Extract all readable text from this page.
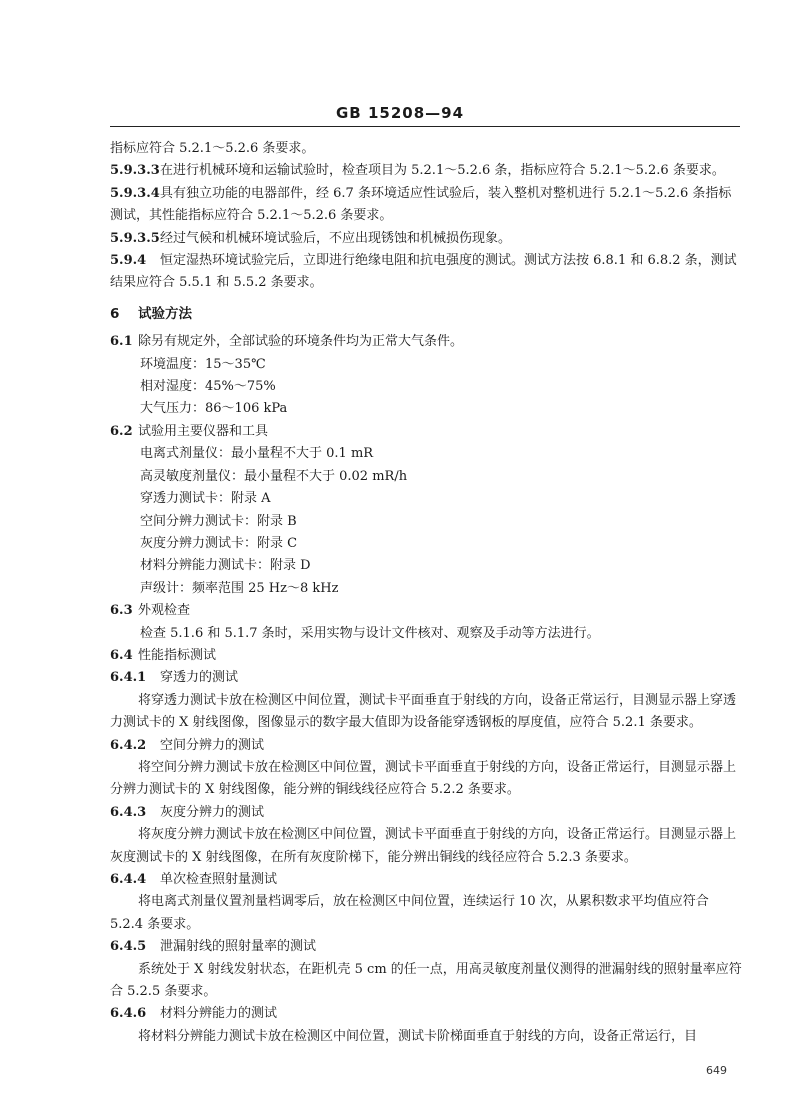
GB 15208—94

指标应符合 5.2.1～5.2.6 条要求。

5.9.3.3在进行机械环境和运输试验时，检查项目为 5.2.1～5.2.6 条，指标应符合 5.2.1～5.2.6 条要求。

5.9.3.4具有独立功能的电器部件，经 6.7 条环境适应性试验后，装入整机对整机进行 5.2.1～5.2.6 条指标测试，其性能指标应符合 5.2.1～5.2.6 条要求。

5.9.3.5经过气候和机械环境试验后，不应出现锈蚀和机械损伤现象。

5.9.4 恒定湿热环境试验完后，立即进行绝缘电阻和抗电强度的测试。测试方法按 6.8.1 和 6.8.2 条，测试结果应符合 5.5.1 和 5.5.2 条要求。

6 试验方法

6.1 除另有规定外，全部试验的环境条件均为正常大气条件。

环境温度：15～35℃

相对湿度：45%～75%

大气压力：86～106 kPa

6.2 试验用主要仪器和工具

电离式剂量仪：最小量程不大于 0.1 mR

高灵敏度剂量仪：最小量程不大于 0.02 mR/h

穿透力测试卡：附录 A

空间分辨力测试卡：附录 B

灰度分辨力测试卡：附录 C

材料分辨能力测试卡：附录 D

声级计：频率范围 25 Hz～8 kHz

6.3 外观检查

检查 5.1.6 和 5.1.7 条时，采用实物与设计文件核对、观察及手动等方法进行。

6.4 性能指标测试

6.4.1 穿透力的测试

将穿透力测试卡放在检测区中间位置，测试卡平面垂直于射线的方向，设备正常运行，目测显示器上穿透力测试卡的 X 射线图像，图像显示的数字最大值即为设备能穿透钢板的厚度值，应符合 5.2.1 条要求。

6.4.2 空间分辨力的测试

将空间分辨力测试卡放在检测区中间位置，测试卡平面垂直于射线的方向，设备正常运行，目测显示器上分辨力测试卡的 X 射线图像，能分辨的铜线线径应符合 5.2.2 条要求。

6.4.3 灰度分辨力的测试

将灰度分辨力测试卡放在检测区中间位置，测试卡平面垂直于射线的方向，设备正常运行。目测显示器上灰度测试卡的 X 射线图像，在所有灰度阶梯下，能分辨出铜线的线径应符合 5.2.3 条要求。

6.4.4 单次检查照射量测试

将电离式剂量仪置剂量档调零后，放在检测区中间位置，连续运行 10 次，从累积数求平均值应符合 5.2.4 条要求。

6.4.5 泄漏射线的照射量率的测试

系统处于 X 射线发射状态，在距机壳 5 cm 的任一点，用高灵敏度剂量仪测得的泄漏射线的照射量率应符合 5.2.5 条要求。

6.4.6 材料分辨能力的测试

将材料分辨能力测试卡放在检测区中间位置，测试卡阶梯面垂直于射线的方向，设备正常运行，目

649
